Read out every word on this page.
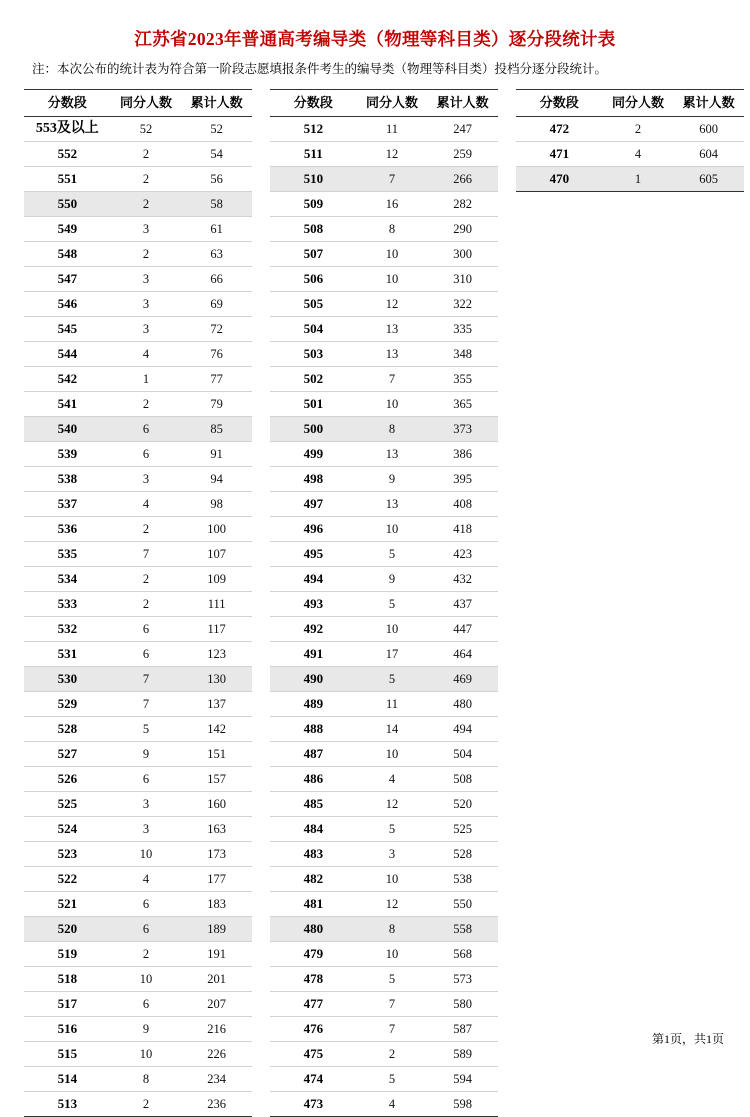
江苏省2023年普通高考编导类（物理等科目类）逐分段统计表
注：本次公布的统计表为符合第一阶段志愿填报条件考生的编导类（物理等科目类）投档分逐分段统计。
分数段	同分人数	累计人数
553及以上	52	52
552	2	54
551	2	56
550	2	58
549	3	61
548	2	63
547	3	66
546	3	69
545	3	72
544	4	76
542	1	77
541	2	79
540	6	85
539	6	91
538	3	94
537	4	98
536	2	100
535	7	107
534	2	109
533	2	111
532	6	117
531	6	123
530	7	130
529	7	137
528	5	142
527	9	151
526	6	157
525	3	160
524	3	163
523	10	173
522	4	177
521	6	183
520	6	189
519	2	191
518	10	201
517	6	207
516	9	216
515	10	226
514	8	234
513	2	236
分数段	同分人数	累计人数
512	11	247
511	12	259
510	7	266
509	16	282
508	8	290
507	10	300
506	10	310
505	12	322
504	13	335
503	13	348
502	7	355
501	10	365
500	8	373
499	13	386
498	9	395
497	13	408
496	10	418
495	5	423
494	9	432
493	5	437
492	10	447
491	17	464
490	5	469
489	11	480
488	14	494
487	10	504
486	4	508
485	12	520
484	5	525
483	3	528
482	10	538
481	12	550
480	8	558
479	10	568
478	5	573
477	7	580
476	7	587
475	2	589
474	5	594
473	4	598
分数段	同分人数	累计人数
472	2	600
471	4	604
470	1	605
第1页，共1页
